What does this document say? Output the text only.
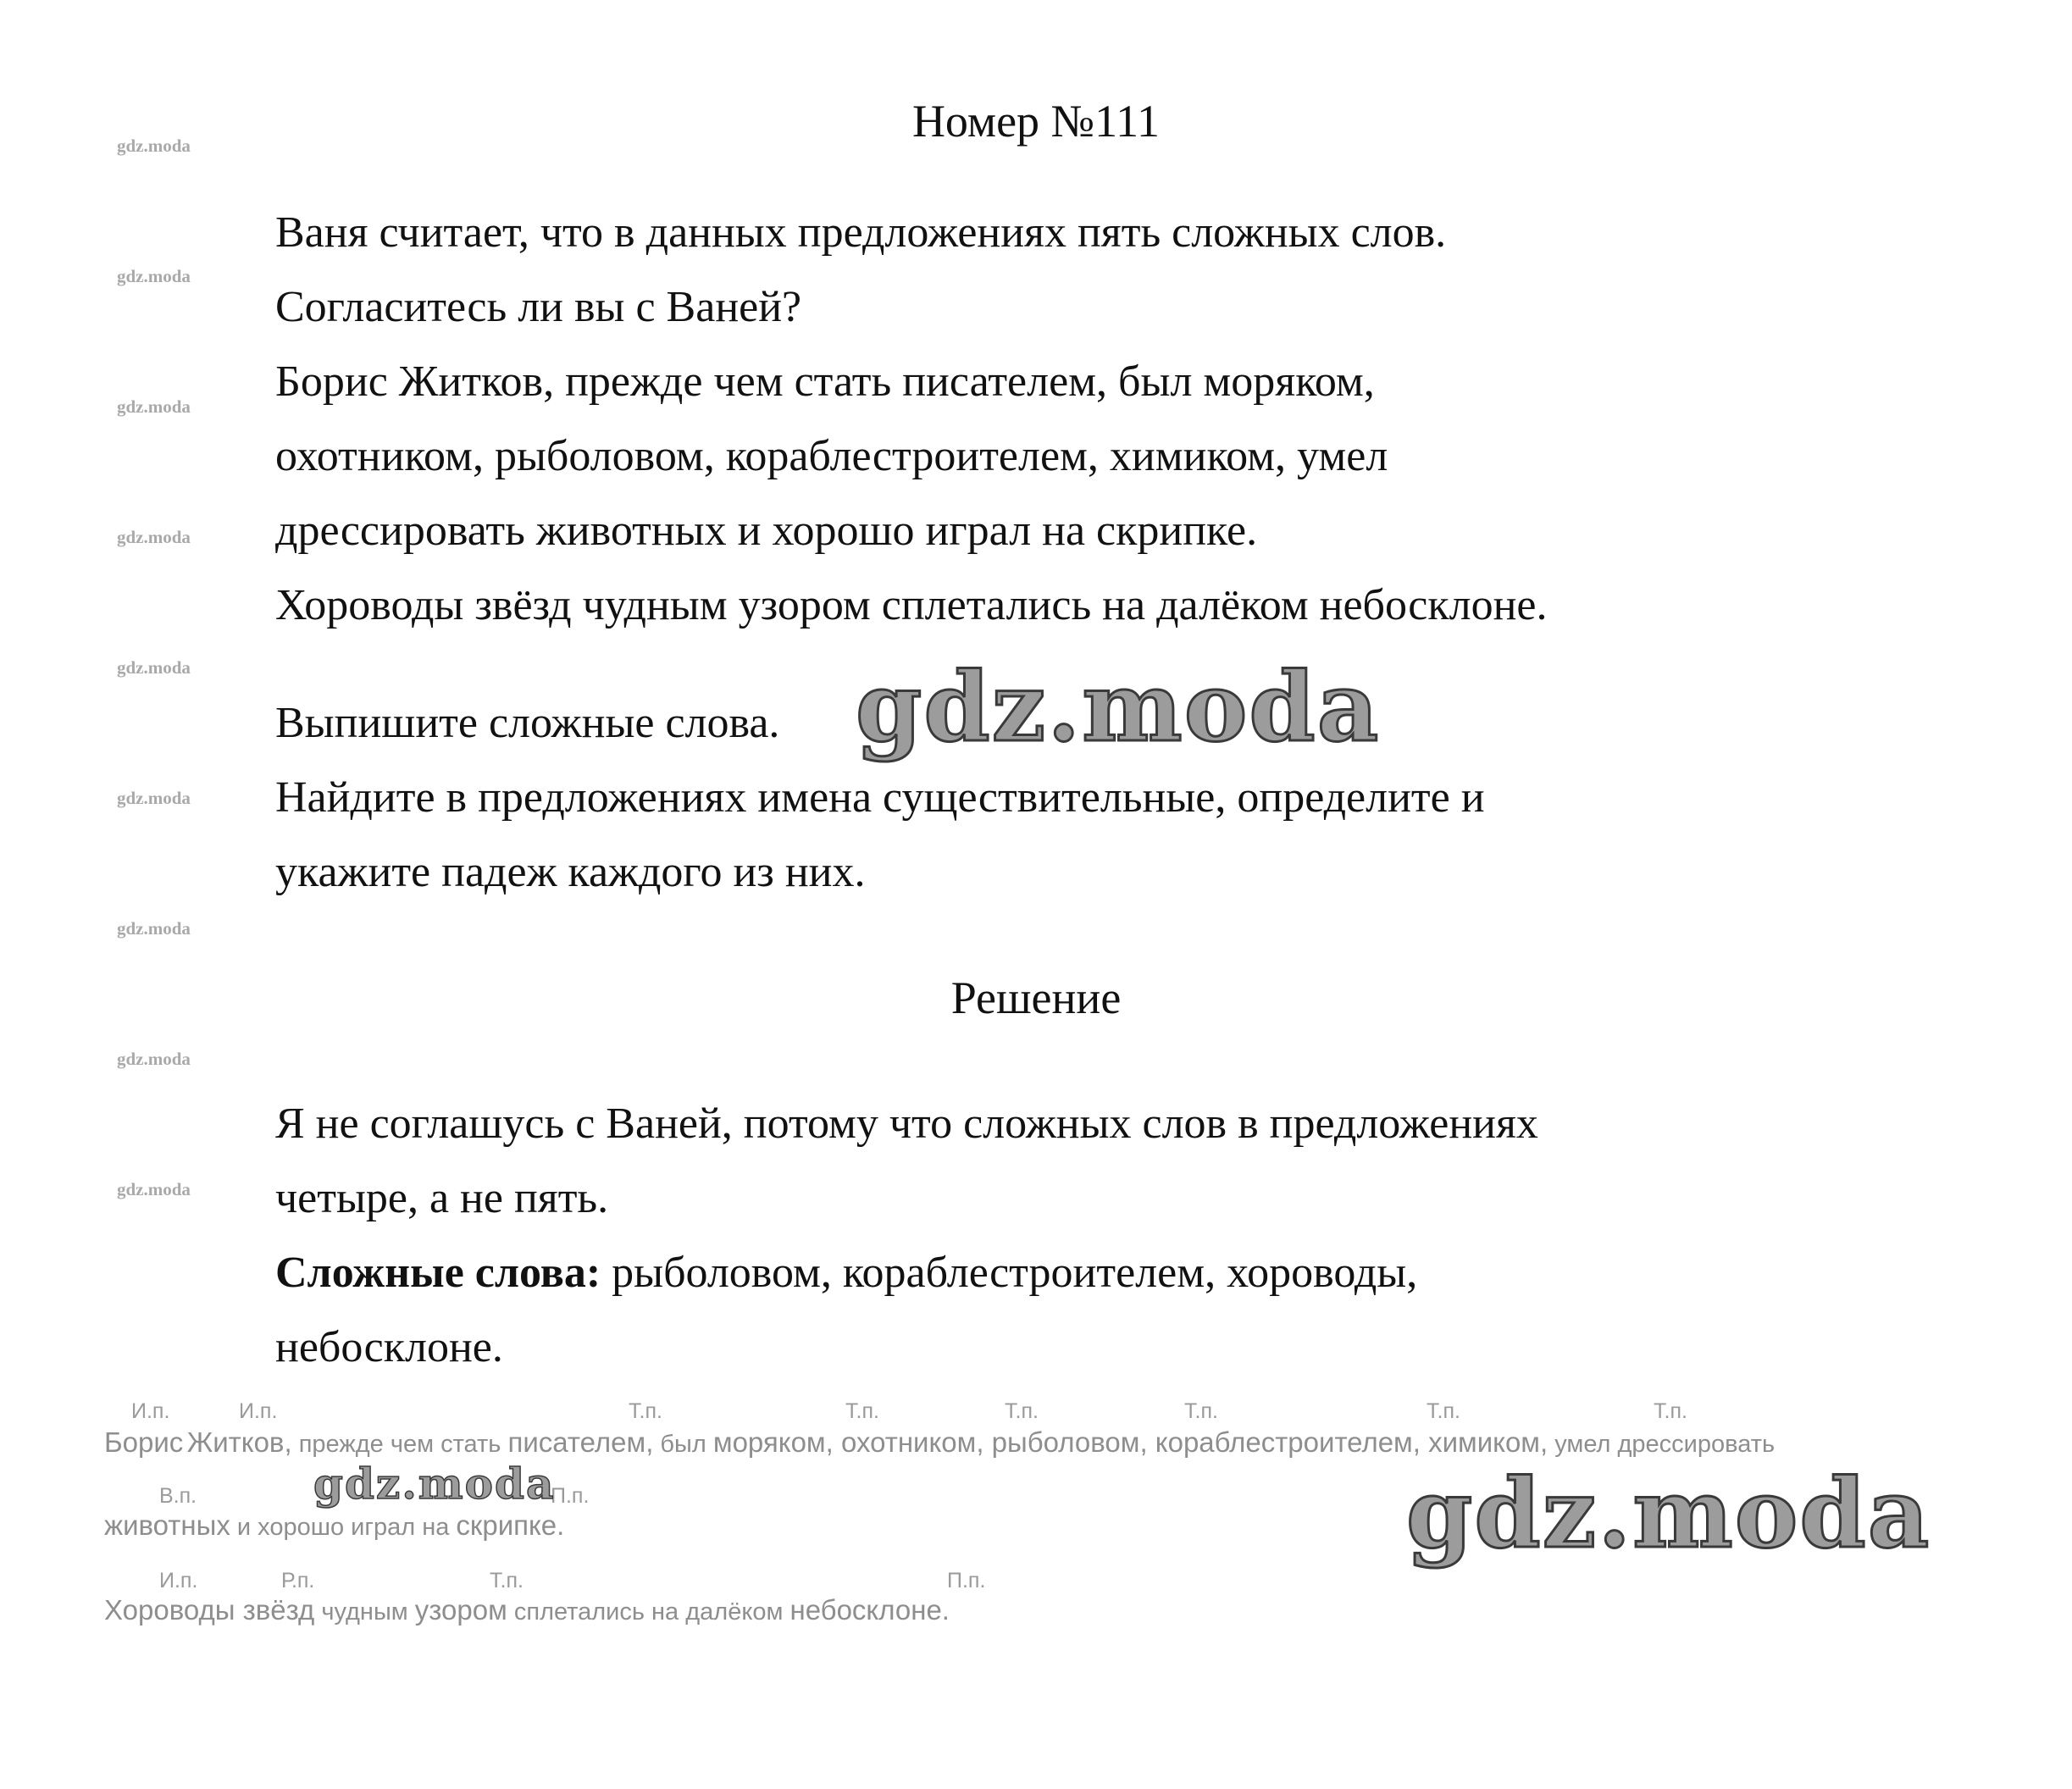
gdz.moda
gdz.moda
gdz.moda
gdz.moda
gdz.moda
gdz.moda
gdz.moda
gdz.moda
gdz.moda
Номер №111
Ваня считает, что в данных предложениях пять сложных слов.
Согласитесь ли вы с Ваней?
Борис Житков, прежде чем стать писателем, был моряком,
охотником, рыболовом, кораблестроителем, химиком, умел
дрессировать животных и хорошо играл на скрипке.
Хороводы звёзд чудным узором сплетались на далёком небосклоне.
Выпишите сложные слова.
Найдите в предложениях имена существительные, определите и
укажите падеж каждого из них.
gdz.moda
Решение
Я не соглашусь с Ваней, потому что сложных слов в предложениях
четыре, а не пять.
Сложные слова: рыболовом, кораблестроителем, хороводы,
небосклоне.
И.п.	И.п.	Т.п.	Т.п.	Т.п.	Т.п.	Т.п.	Т.п.
Борис Житков, прежде чем стать писателем, был моряком, охотником, рыболовом, кораблестроителем, химиком, умел дрессировать
В.п.	П.п.
животных и хорошо играл на скрипке.
gdz.moda
И.п.	Р.п.	Т.п.	П.п.
Хороводы звёзд чудным узором сплетались на далёком небосклоне.
gdz.moda
